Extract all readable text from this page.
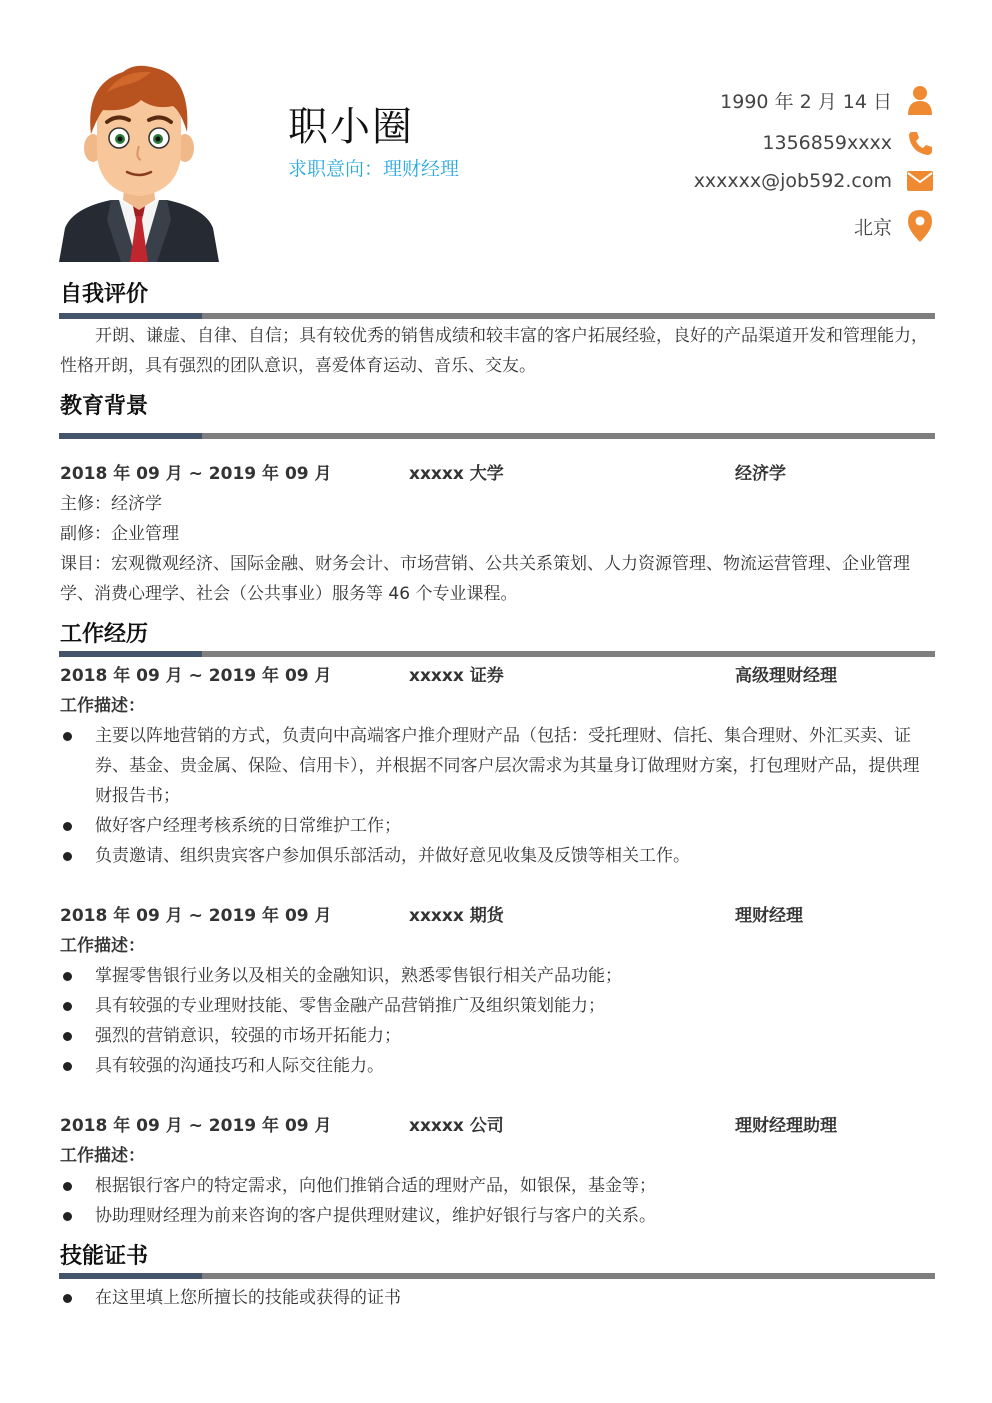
职小圈
求职意向：理财经理
1990 年 2 月 14 日
1356859xxxx
xxxxxx@job592.com
北京
自我评价
开朗、谦虚、自律、自信；具有较优秀的销售成绩和较丰富的客户拓展经验，良好的产品渠道开发和管理能力，性格开朗，具有强烈的团队意识，喜爱体育运动、音乐、交友。
教育背景
2018 年 09 月 ~ 2019 年 09 月	xxxxx 大学	经济学
主修：经济学
副修：企业管理
课目：宏观微观经济、国际金融、财务会计、市场营销、公共关系策划、人力资源管理、物流运营管理、企业管理学、消费心理学、社会（公共事业）服务等 46 个专业课程。
工作经历
2018 年 09 月 ~ 2019 年 09 月	xxxxx 证券	高级理财经理
工作描述：
主要以阵地营销的方式，负责向中高端客户推介理财产品（包括：受托理财、信托、集合理财、外汇买卖、证券、基金、贵金属、保险、信用卡），并根据不同客户层次需求为其量身订做理财方案，打包理财产品，提供理财报告书；
做好客户经理考核系统的日常维护工作；
负责邀请、组织贵宾客户参加俱乐部活动，并做好意见收集及反馈等相关工作。
2018 年 09 月 ~ 2019 年 09 月	xxxxx 期货	理财经理
工作描述：
掌握零售银行业务以及相关的金融知识，熟悉零售银行相关产品功能；
具有较强的专业理财技能、零售金融产品营销推广及组织策划能力；
强烈的营销意识，较强的市场开拓能力；
具有较强的沟通技巧和人际交往能力。
2018 年 09 月 ~ 2019 年 09 月	xxxxx 公司	理财经理助理
工作描述：
根据银行客户的特定需求，向他们推销合适的理财产品，如银保，基金等；
协助理财经理为前来咨询的客户提供理财建议，维护好银行与客户的关系。
技能证书
在这里填上您所擅长的技能或获得的证书
